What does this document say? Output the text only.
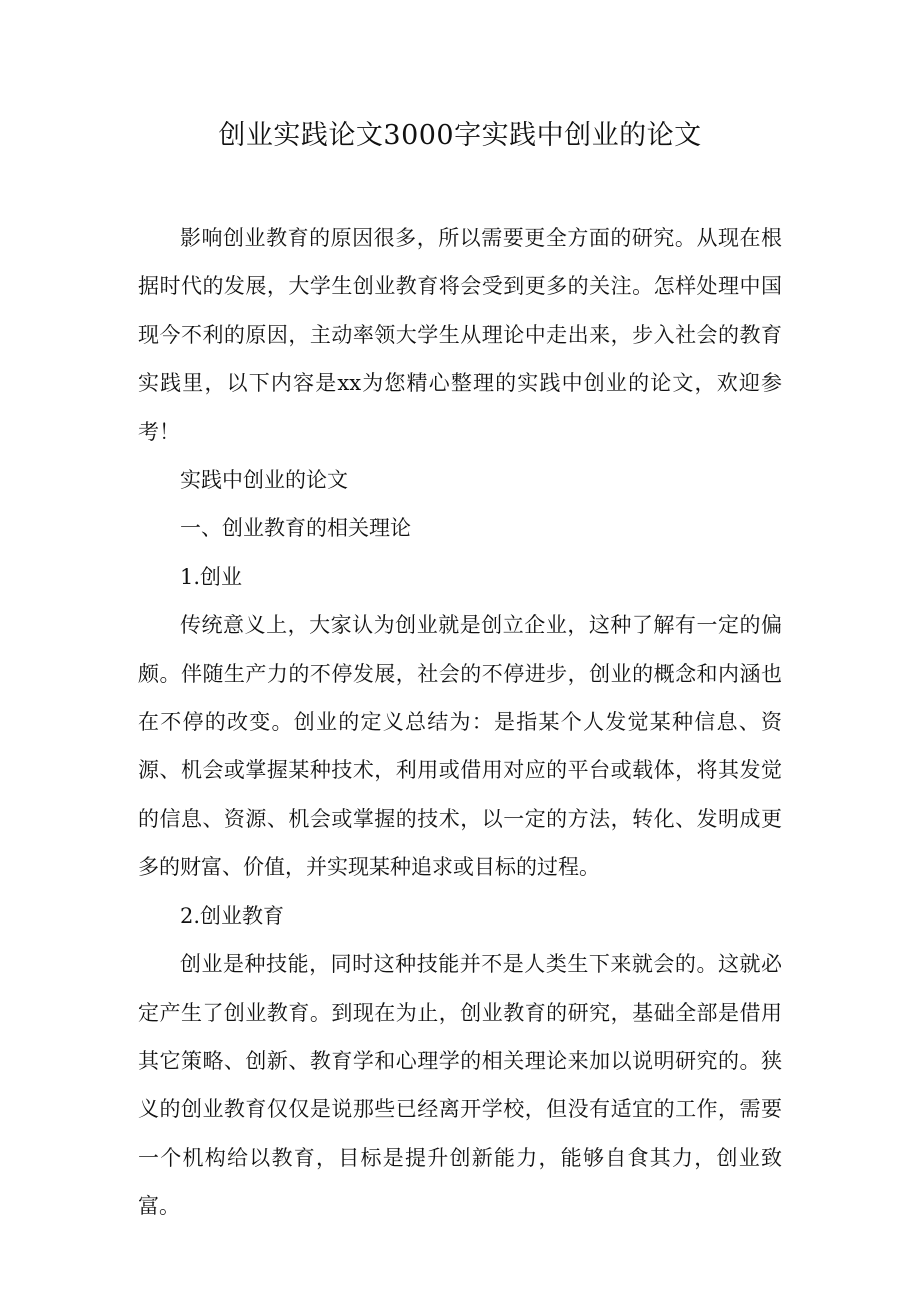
创业实践论文3000字实践中创业的论文

影响创业教育的原因很多，所以需要更全方面的研究。从现在根据时代的发展，大学生创业教育将会受到更多的关注。怎样处理中国现今不利的原因，主动率领大学生从理论中走出来，步入社会的教育实践里，以下内容是xx为您精心整理的实践中创业的论文，欢迎参考！

实践中创业的论文

一、创业教育的相关理论

1.创业

传统意义上，大家认为创业就是创立企业，这种了解有一定的偏颇。伴随生产力的不停发展，社会的不停进步，创业的概念和内涵也在不停的改变。创业的定义总结为：是指某个人发觉某种信息、资源、机会或掌握某种技术，利用或借用对应的平台或载体，将其发觉的信息、资源、机会或掌握的技术，以一定的方法，转化、发明成更多的财富、价值，并实现某种追求或目标的过程。

2.创业教育

创业是种技能，同时这种技能并不是人类生下来就会的。这就必定产生了创业教育。到现在为止，创业教育的研究，基础全部是借用其它策略、创新、教育学和心理学的相关理论来加以说明研究的。狭义的创业教育仅仅是说那些已经离开学校，但没有适宜的工作，需要一个机构给以教育，目标是提升创新能力，能够自食其力，创业致富。
